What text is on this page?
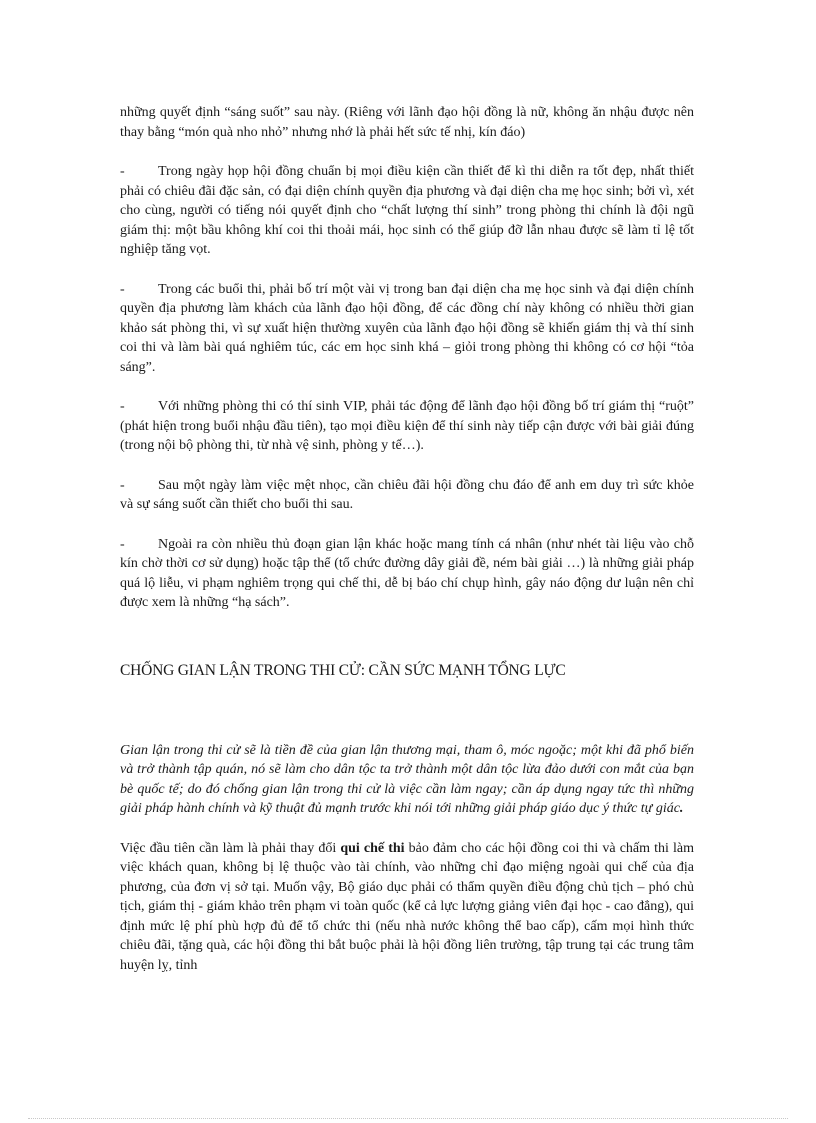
những quyết định “sáng suốt” sau này. (Riêng với lãnh đạo hội đồng là nữ, không ăn nhậu được nên thay bằng “món quà nho nhỏ” nhưng nhớ là phải hết sức tế nhị, kín đáo)

- Trong ngày họp hội đồng chuẩn bị mọi điều kiện cần thiết để kì thi diễn ra tốt đẹp, nhất thiết phải có chiêu đãi đặc sản, có đại diện chính quyền địa phương và đại diện cha mẹ học sinh; bởi vì, xét cho cùng, người có tiếng nói quyết định cho “chất lượng thí sinh” trong phòng thi chính là đội ngũ giám thị: một bầu không khí coi thi thoải mái, học sinh có thể giúp đỡ lẫn nhau được sẽ làm tỉ lệ tốt nghiệp tăng vọt.

- Trong các buổi thi, phải bố trí một vài vị trong ban đại diện cha mẹ học sinh và đại diện chính quyền địa phương làm khách của lãnh đạo hội đồng, để các đồng chí này không có nhiều thời gian khảo sát phòng thi, vì sự xuất hiện thường xuyên của lãnh đạo hội đồng sẽ khiến giám thị và thí sinh coi thi và làm bài quá nghiêm túc, các em học sinh khá – giỏi trong phòng thi không có cơ hội “tỏa sáng”.

- Với những phòng thi có thí sinh VIP, phải tác động để lãnh đạo hội đồng bố trí giám thị “ruột” (phát hiện trong buổi nhậu đầu tiên), tạo mọi điều kiện để thí sinh này tiếp cận được với bài giải đúng (trong nội bộ phòng thi, từ nhà vệ sinh, phòng y tế…).

- Sau một ngày làm việc mệt nhọc, cần chiêu đãi hội đồng chu đáo để anh em duy trì sức khỏe và sự sáng suốt cần thiết cho buổi thi sau.

- Ngoài ra còn nhiều thủ đoạn gian lận khác hoặc mang tính cá nhân (như nhét tài liệu vào chỗ kín chờ thời cơ sử dụng) hoặc tập thể (tổ chức đường dây giải đề, ném bài giải …) là những giải pháp quá lộ liễu, vi phạm nghiêm trọng qui chế thi, dễ bị báo chí chụp hình, gây náo động dư luận nên chỉ được xem là những “hạ sách”.

CHỐNG GIAN LẬN TRONG THI CỬ: CẦN SỨC MẠNH TỔNG LỰC

Gian lận trong thi cử sẽ là tiền đề của gian lận thương mại, tham ô, móc ngoặc; một khi đã phổ biến và trở thành tập quán, nó sẽ làm cho dân tộc ta trở thành một dân tộc lừa đảo dưới con mắt của bạn bè quốc tế; do đó chống gian lận trong thi cử là việc cần làm ngay; cần áp dụng ngay tức thì những giải pháp hành chính và kỹ thuật đủ mạnh trước khi nói tới những giải pháp giáo dục ý thức tự giác.

Việc đầu tiên cần làm là phải thay đổi qui chế thi bảo đảm cho các hội đồng coi thi và chấm thi làm việc khách quan, không bị lệ thuộc vào tài chính, vào những chỉ đạo miệng ngoài qui chế của địa phương, của đơn vị sở tại. Muốn vậy, Bộ giáo dục phải có thẩm quyền điều động chủ tịch – phó chủ tịch, giám thị - giám khảo trên phạm vi toàn quốc (kể cả lực lượng giảng viên đại học - cao đẳng), qui định mức lệ phí phù hợp đủ để tổ chức thi (nếu nhà nước không thể bao cấp), cấm mọi hình thức chiêu đãi, tặng quà, các hội đồng thi bắt buộc phải là hội đồng liên trường, tập trung tại các trung tâm huyện lỵ, tỉnh
